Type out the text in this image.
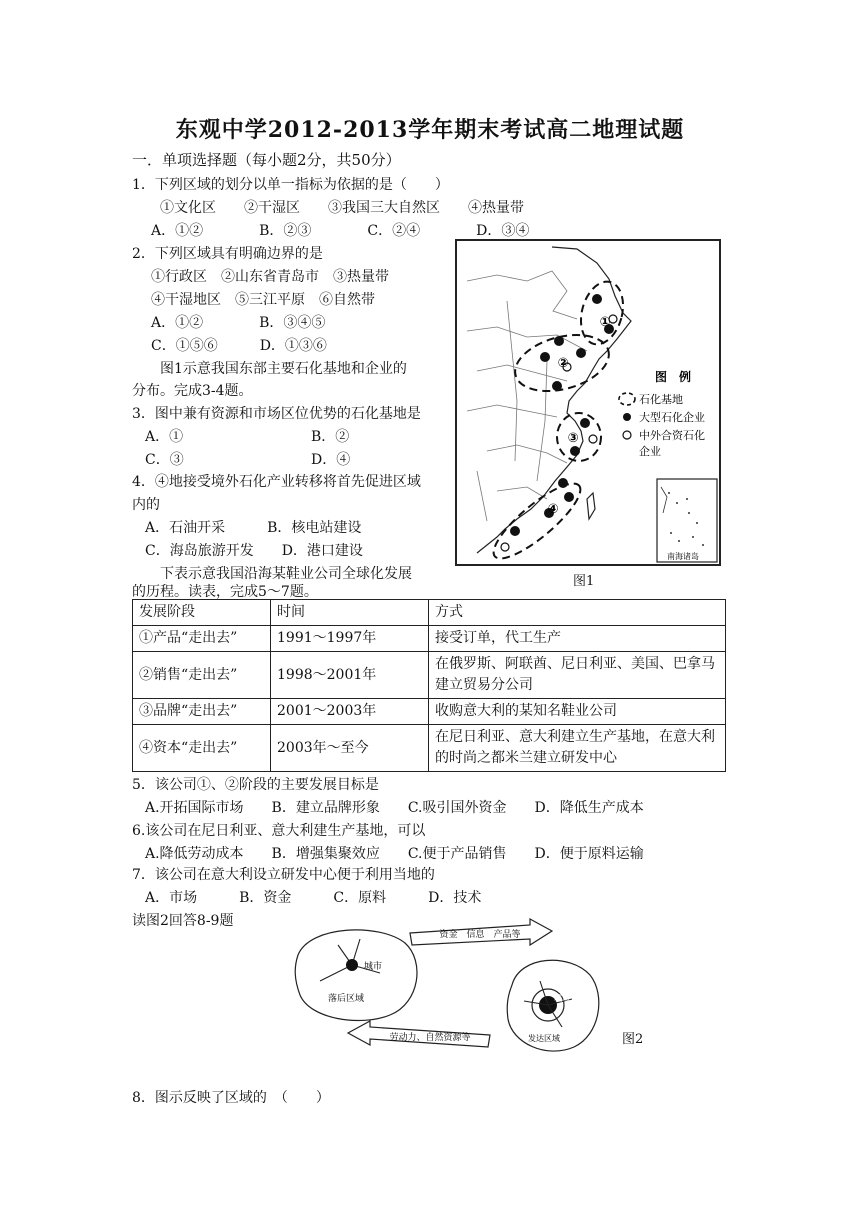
东观中学2012-2013学年期末考试高二地理试题
一．单项选择题（每小题2分，共50分）
1．下列区域的划分以单一指标为依据的是（　　）
①文化区　　②干湿区　　③我国三大自然区　　④热量带
A．①②　　　　B．②③　　　　C．②④　　　　D．③④
2．下列区域具有明确边界的是
①行政区　②山东省青岛市　③热量带
④干湿地区　⑤三江平原　⑥自然带
A．①②　　　　B．③④⑤
C．①⑤⑥　　　D．①③⑥
图1示意我国东部主要石化基地和企业的
分布。完成3-4题。
3．图中兼有资源和市场区位优势的石化基地是
A．①	B．②
C．③	D．④
4．④地接受境外石化产业转移将首先促进区域
内的
A．石油开采　　　B．核电站建设
C．海岛旅游开发　　D．港口建设
下表示意我国沿海某鞋业公司全球化发展
的历程。读表，完成5～7题。
①
②
③
④
图　例
石化基地
大型石化企业
中外合资石化
企业
南海诸岛
图1
发展阶段	时间	方式
①产品“走出去”	1991～1997年	接受订单，代工生产
②销售“走出去”	1998～2001年	在俄罗斯、阿联酋、尼日利亚、美国、巴拿马建立贸易分公司
③品牌“走出去”	2001～2003年	收购意大利的某知名鞋业公司
④资本“走出去”	2003年～至今	在尼日利亚、意大利建立生产基地，在意大利的时尚之都米兰建立研发中心
5．该公司①、②阶段的主要发展目标是
A.开拓国际市场　　B．建立品牌形象　　C.吸引国外资金　　D．降低生产成本
6.该公司在尼日利亚、意大利建生产基地，可以
A.降低劳动成本　　B．增强集聚效应　　C.便于产品销售　　D．便于原料运输
7．该公司在意大利设立研发中心便于利用当地的
A．市场　　　B．资金　　　C．原料　　　D．技术
读图2回答8-9题
资金　信息　产品等
劳动力、自然资源等
城市
落后区域	城市
发达区域	图2
8．图示反映了区域的　（　　）
